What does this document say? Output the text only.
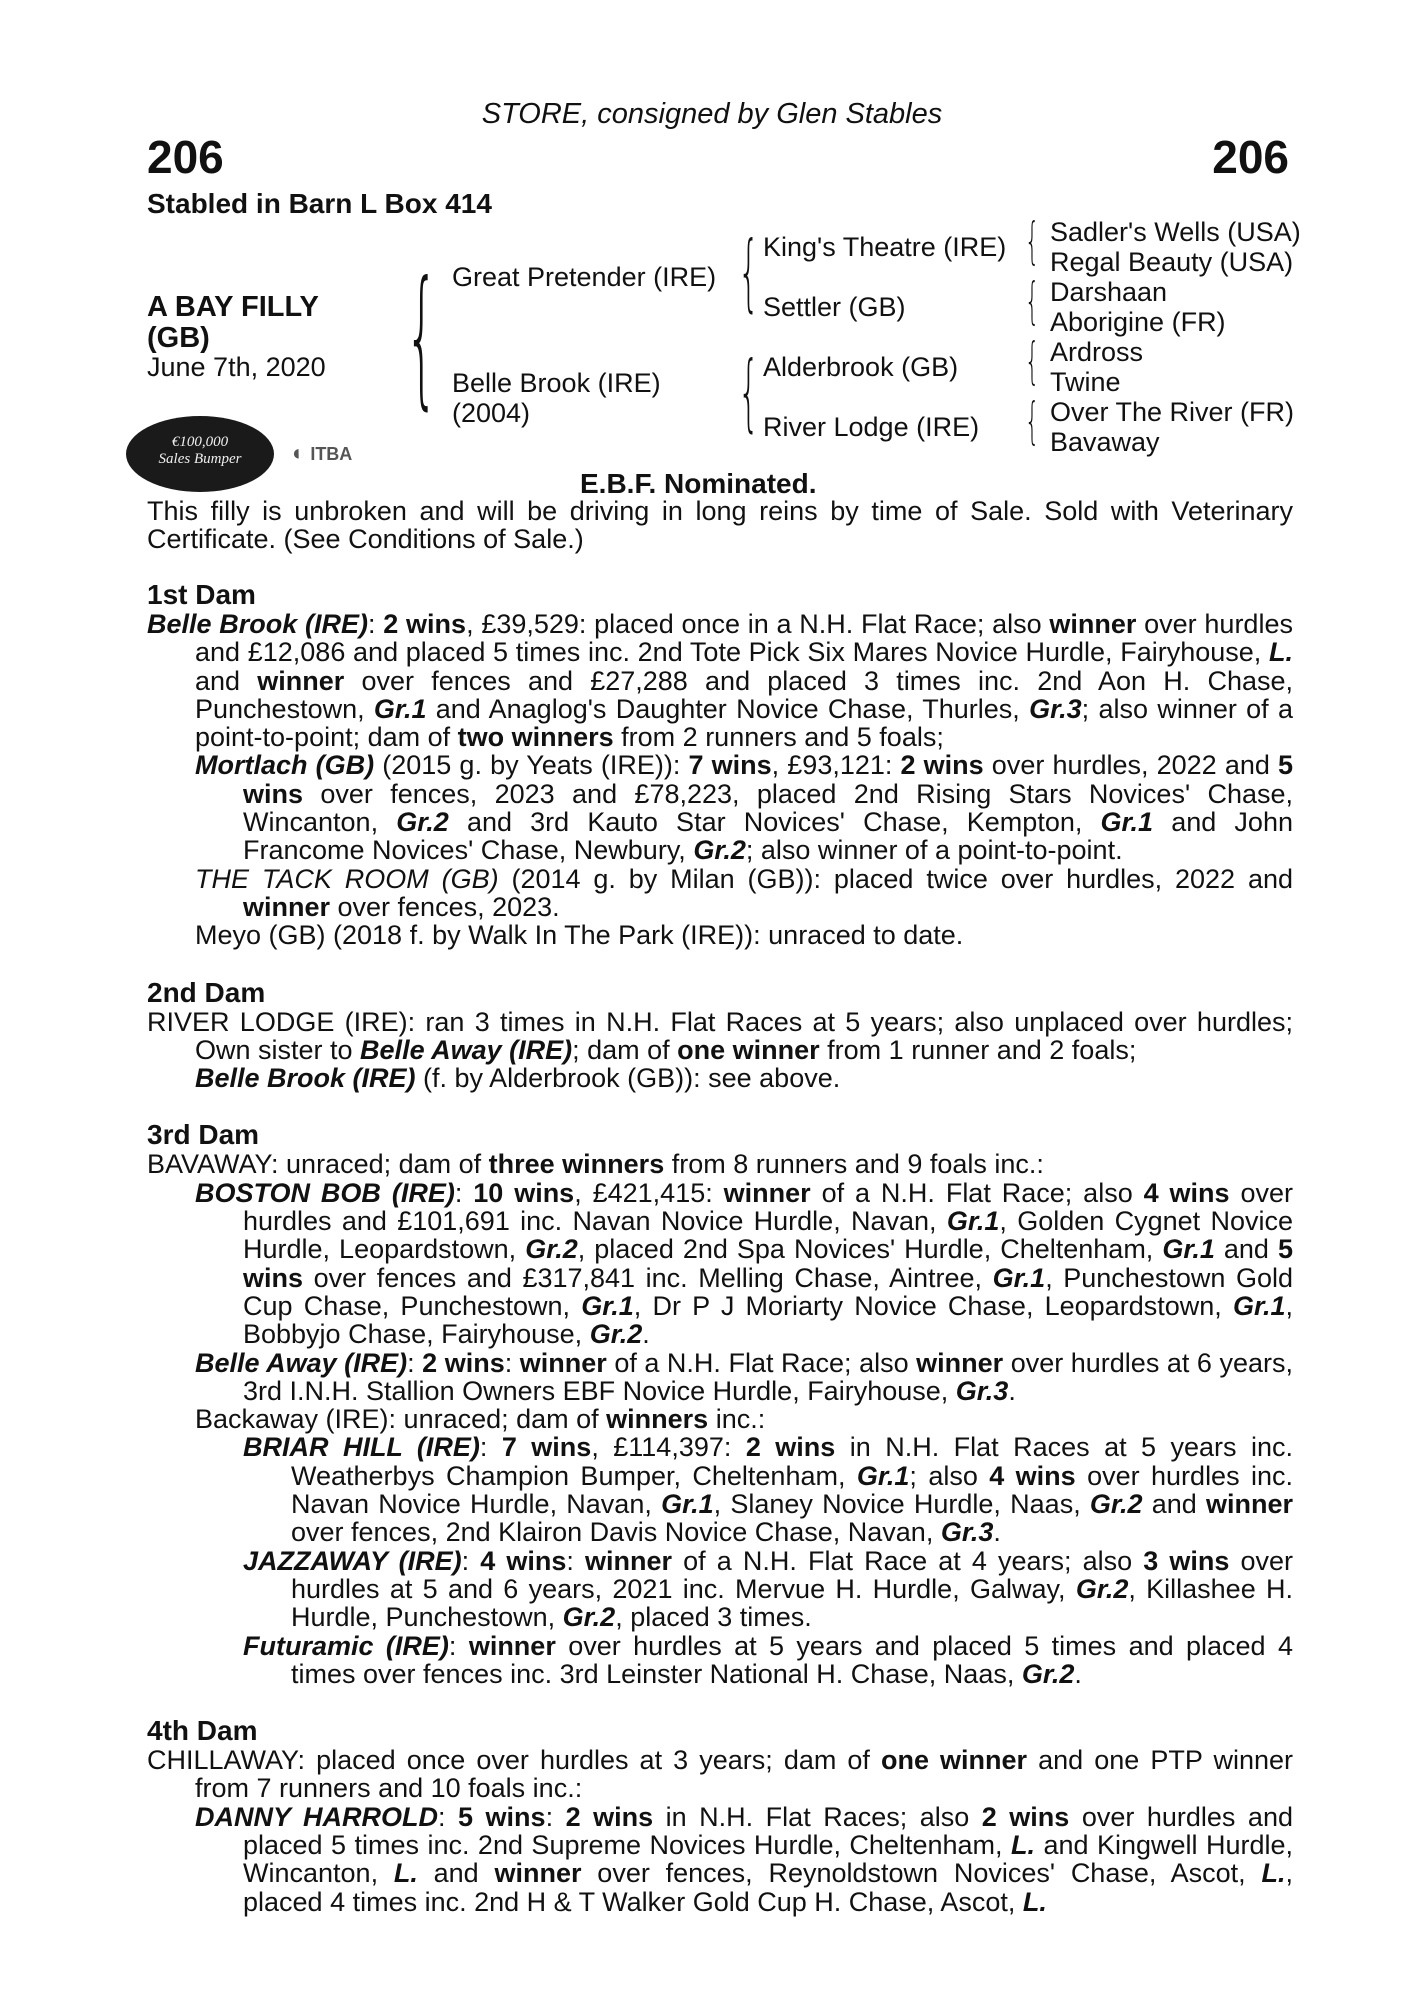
STORE, consigned by Glen Stables
206	206
Stabled in Barn L Box 414
A BAY FILLY (GB)
June 7th, 2020 { Great Pretender (IRE)
Belle Brook (IRE)
(2004)
{
{
King's Theatre (IRE)
Settler (GB)
Alderbrook (GB)
River Lodge (IRE)
{
{
{
{
Sadler's Wells (USA)
Regal Beauty (USA)
Darshaan
Aborigine (FR)
Ardross
Twine
Over The River (FR)
Bavaway
€100,000
Sales Bumper	◐ ITBA
E.B.F. Nominated.
This filly is unbroken and will be driving in long reins by time of Sale. Sold with Veterinary Certificate. (See Conditions of Sale.)

1st Dam

Belle Brook (IRE): 2 wins, £39,529: placed once in a N.H. Flat Race; also winner over hurdles and £12,086 and placed 5 times inc. 2nd Tote Pick Six Mares Novice Hurdle, Fairyhouse, L. and winner over fences and £27,288 and placed 3 times inc. 2nd Aon H. Chase, Punchestown, Gr.1 and Anaglog's Daughter Novice Chase, Thurles, Gr.3; also winner of a point-to-point; dam of two winners from 2 runners and 5 foals;

Mortlach (GB) (2015 g. by Yeats (IRE)): 7 wins, £93,121: 2 wins over hurdles, 2022 and 5 wins over fences, 2023 and £78,223, placed 2nd Rising Stars Novices' Chase, Wincanton, Gr.2 and 3rd Kauto Star Novices' Chase, Kempton, Gr.1 and John Francome Novices' Chase, Newbury, Gr.2; also winner of a point-to-point.

THE TACK ROOM (GB) (2014 g. by Milan (GB)): placed twice over hurdles, 2022 and winner over fences, 2023.

Meyo (GB) (2018 f. by Walk In The Park (IRE)): unraced to date.

2nd Dam

RIVER LODGE (IRE): ran 3 times in N.H. Flat Races at 5 years; also unplaced over hurdles; Own sister to Belle Away (IRE); dam of one winner from 1 runner and 2 foals;

Belle Brook (IRE) (f. by Alderbrook (GB)): see above.

3rd Dam

BAVAWAY: unraced; dam of three winners from 8 runners and 9 foals inc.:

BOSTON BOB (IRE): 10 wins, £421,415: winner of a N.H. Flat Race; also 4 wins over hurdles and £101,691 inc. Navan Novice Hurdle, Navan, Gr.1, Golden Cygnet Novice Hurdle, Leopardstown, Gr.2, placed 2nd Spa Novices' Hurdle, Cheltenham, Gr.1 and 5 wins over fences and £317,841 inc. Melling Chase, Aintree, Gr.1, Punchestown Gold Cup Chase, Punchestown, Gr.1, Dr P J Moriarty Novice Chase, Leopardstown, Gr.1, Bobbyjo Chase, Fairyhouse, Gr.2.

Belle Away (IRE): 2 wins: winner of a N.H. Flat Race; also winner over hurdles at 6 years, 3rd I.N.H. Stallion Owners EBF Novice Hurdle, Fairyhouse, Gr.3.

Backaway (IRE): unraced; dam of winners inc.:

BRIAR HILL (IRE): 7 wins, £114,397: 2 wins in N.H. Flat Races at 5 years inc. Weatherbys Champion Bumper, Cheltenham, Gr.1; also 4 wins over hurdles inc. Navan Novice Hurdle, Navan, Gr.1, Slaney Novice Hurdle, Naas, Gr.2 and winner over fences, 2nd Klairon Davis Novice Chase, Navan, Gr.3.

JAZZAWAY (IRE): 4 wins: winner of a N.H. Flat Race at 4 years; also 3 wins over hurdles at 5 and 6 years, 2021 inc. Mervue H. Hurdle, Galway, Gr.2, Killashee H. Hurdle, Punchestown, Gr.2, placed 3 times.

Futuramic (IRE): winner over hurdles at 5 years and placed 5 times and placed 4 times over fences inc. 3rd Leinster National H. Chase, Naas, Gr.2.

4th Dam

CHILLAWAY: placed once over hurdles at 3 years; dam of one winner and one PTP winner from 7 runners and 10 foals inc.:

DANNY HARROLD: 5 wins: 2 wins in N.H. Flat Races; also 2 wins over hurdles and placed 5 times inc. 2nd Supreme Novices Hurdle, Cheltenham, L. and Kingwell Hurdle, Wincanton, L. and winner over fences, Reynoldstown Novices' Chase, Ascot, L., placed 4 times inc. 2nd H & T Walker Gold Cup H. Chase, Ascot, L.
